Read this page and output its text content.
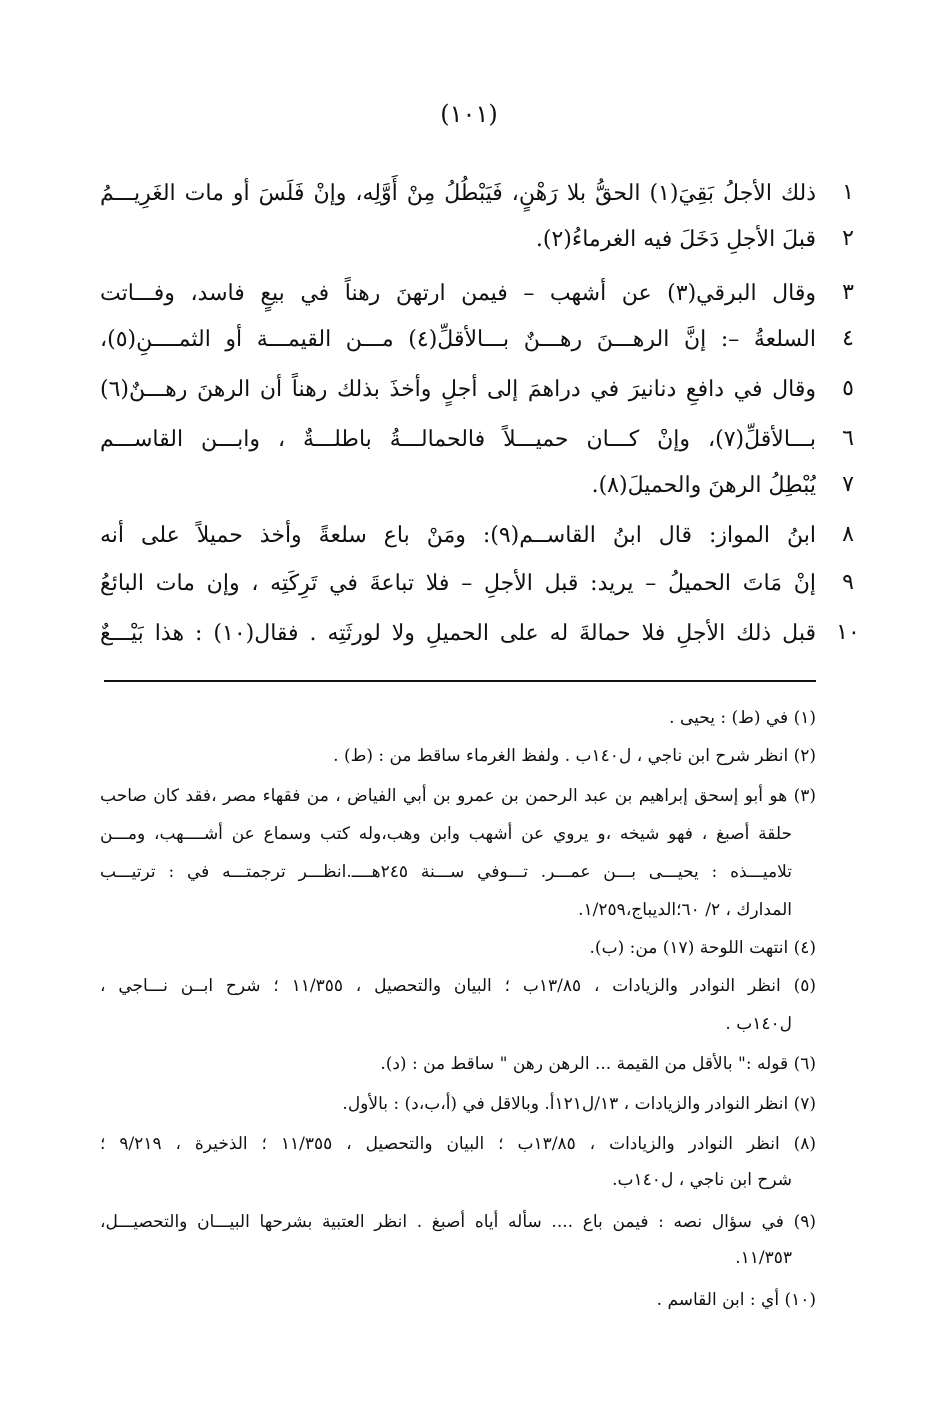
(١٠١)
١
ذلك الأجلُ بَقِيَ(١) الحقُّ بلا رَهْنٍ، فَيَبْطُلُ مِنْ أَوَّلِه، وإنْ فَلَسَ أو مات الغَرِيـــمُ
٢
قبلَ الأجلِ دَخَلَ فيه الغرماءُ(٢).
٣
وقال البرقي(٣) عن أشهب – فيمن ارتهنَ رهناً في بيعٍ فاسد، وفـــاتت
٤
السلعةُ –: إنَّ الرهـــنَ رهـــنٌ بـــالأقلِّ(٤) مـــن القيمـــة أو الثمــــنِ(٥)،
٥
وقال في دافعِ دنانيرَ في دراهمَ إلى أجلٍ وأخذَ بذلك رهناً أن الرهنَ رهـــنٌ(٦)
٦
بـــالأقلِّ(٧)، وإنْ كـــان حميـــلاً فالحمالـــةُ باطلـــةٌ ، وابـــن القاســـم
٧
يُبْطِلُ الرهنَ والحميلَ(٨).
٨
ابنُ المواز: قال ابنُ القاســم(٩): ومَنْ باع سلعةً وأخذ حميلاً على أنه
٩
إنْ مَاتَ الحميلُ – يريد: قبل الأجلِ – فلا تباعةَ في تَرِكَتِه ، وإن مات البائعُ
١٠
قبل ذلك الأجلِ فلا حمالةَ له على الحميلِ ولا لورثَتِه . فقال(١٠) : هذا بَيْـــعٌ
(١) في (ط) : يحيى .
(٢) انظر شرح ابن ناجي ، ل١٤٠ب . ولفظ الغرماء ساقط من : (ط) .
(٣) هو أبو إسحق إبراهيم بن عبد الرحمن بن عمرو بن أبي الفياض ، من فقهاء مصر ،فقد كان صاحب
حلقة أصبغ ، فهو شيخه ،و يروي عن أشهب وابن وهب،وله كتب وسماع عن أشــــهب، ومـــن
تلاميـــذه : يحيـــى بـــن عمـــر. تـــوفي ســـنة ٢٤٥هــــ.انظـــر ترجمتـــه في : ترتيـــب
المدارك ، ٢/ ٦٠؛الديباج،١/٢٥٩.
(٤) انتهت اللوحة (١٧) من: (ب).
(٥) انظر النوادر والزيادات ، ١٣/٨٥ب ؛ البيان والتحصيل ، ١١/٣٥٥ ؛ شرح ابــن نـــاجي ،
ل١٤٠ب .
(٦) قوله :" بالأقل من القيمة ... الرهن رهن " ساقط من : (د).
(٧) انظر النوادر والزيادات ، ١٣/ل١٢١أ. وبالاقل في (أ،ب،د) : بالأول.
(٨) انظر النوادر والزيادات ، ١٣/٨٥ب ؛ البيان والتحصيل ، ١١/٣٥٥ ؛ الذخيرة ، ٩/٢١٩ ؛
شرح ابن ناجي ، ل١٤٠ب.
(٩) في سؤال نصه : فيمن باع .... سأله أياه أصبغ . انظر العتبية بشرحها البيـــان والتحصيـــل،
١١/٣٥٣.
(١٠) أي : ابن القاسم .
